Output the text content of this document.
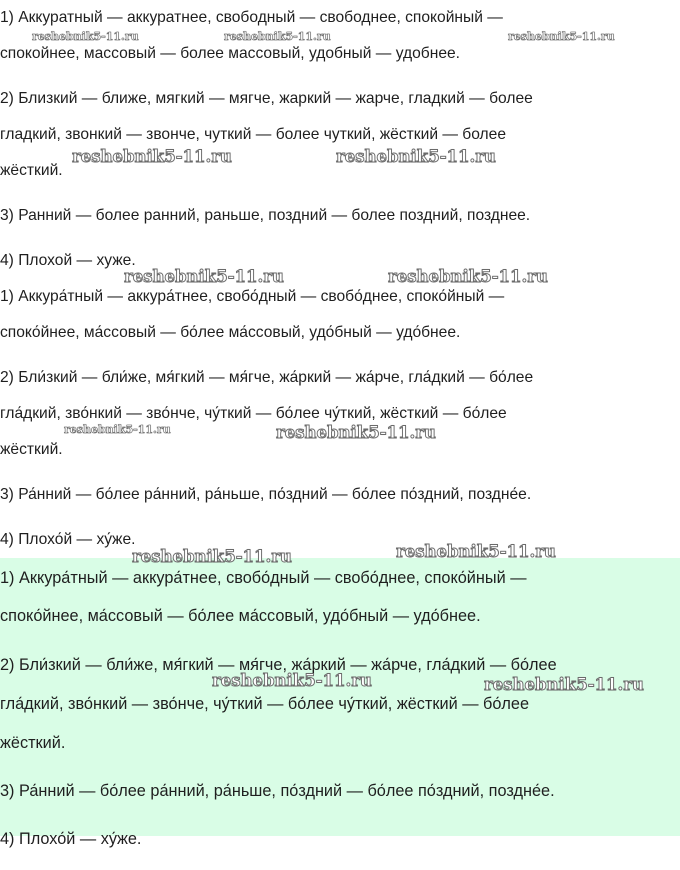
1) Аккуратный — аккуратнее, свободный — свободнее, спокойный —
спокойнее, массовый — более массовый, удобный — удобнее.
2) Близкий — ближе, мягкий — мягче, жаркий — жарче, гладкий — более
гладкий, звонкий — звонче, чуткий — более чуткий, жёсткий — более
жёсткий.
3) Ранний — более ранний, раньше, поздний — более поздний, позднее.
4) Плохой — хуже.
1) Аккура́тный — аккура́тнее, свобо́дный — свобо́днее, споко́йный —
споко́йнее, ма́ссовый — бо́лее ма́ссовый, удо́бный — удо́бнее.
2) Бли́зкий — бли́же, мя́гкий — мя́гче, жа́ркий — жа́рче, гла́дкий — бо́лее
гла́дкий, зво́нкий — зво́нче, чу́ткий — бо́лее чу́ткий, жёсткий — бо́лее
жёсткий.
3) Ра́нний — бо́лее ра́нний, ра́ньше, по́здний — бо́лее по́здний, поздне́е.
4) Плохо́й — ху́же.
1) Аккура́тный — аккура́тнее, свобо́дный — свобо́днее, споко́йный —
споко́йнее, ма́ссовый — бо́лее ма́ссовый, удо́бный — удо́бнее.
2) Бли́зкий — бли́же, мя́гкий — мя́гче, жа́ркий — жа́рче, гла́дкий — бо́лее
гла́дкий, зво́нкий — зво́нче, чу́ткий — бо́лее чу́ткий, жёсткий — бо́лее
жёсткий.
3) Ра́нний — бо́лее ра́нний, ра́ньше, по́здний — бо́лее по́здний, поздне́е.
4) Плохо́й — ху́же.
reshebnik5-11.ru	reshebnik5-11.ru	reshebnik5-11.ru
reshebnik5-11.ru	reshebnik5-11.ru
reshebnik5-11.ru	reshebnik5-11.ru
reshebnik5-11.ru	reshebnik5-11.ru
reshebnik5-11.ru	reshebnik5-11.ru
reshebnik5-11.ru	reshebnik5-11.ru
